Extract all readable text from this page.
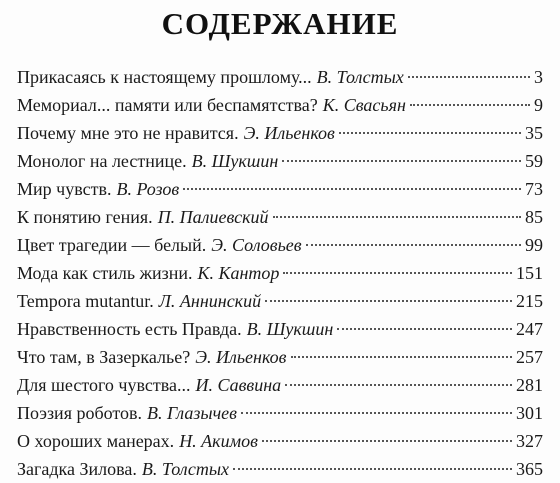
СОДЕРЖАНИЕ
Прикасаясь к настоящему прошлому... В. Толстых	3
Мемориал... памяти или беспамятства? К. Свасьян	9
Почему мне это не нравится. Э. Ильенков	35
Монолог на лестнице. В. Шукшин	59
Мир чувств. В. Розов	73
К понятию гения. П. Палиевский	85
Цвет трагедии — белый. Э. Соловьев	99
Мода как стиль жизни. К. Кантор	151
Tempora mutantur. Л. Аннинский	215
Нравственность есть Правда. В. Шукшин	247
Что там, в Зазеркалье? Э. Ильенков	257
Для шестого чувства... И. Саввина	281
Поэзия роботов. В. Глазычев	301
О хороших манерах. Н. Акимов	327
Загадка Зилова. В. Толстых	365
